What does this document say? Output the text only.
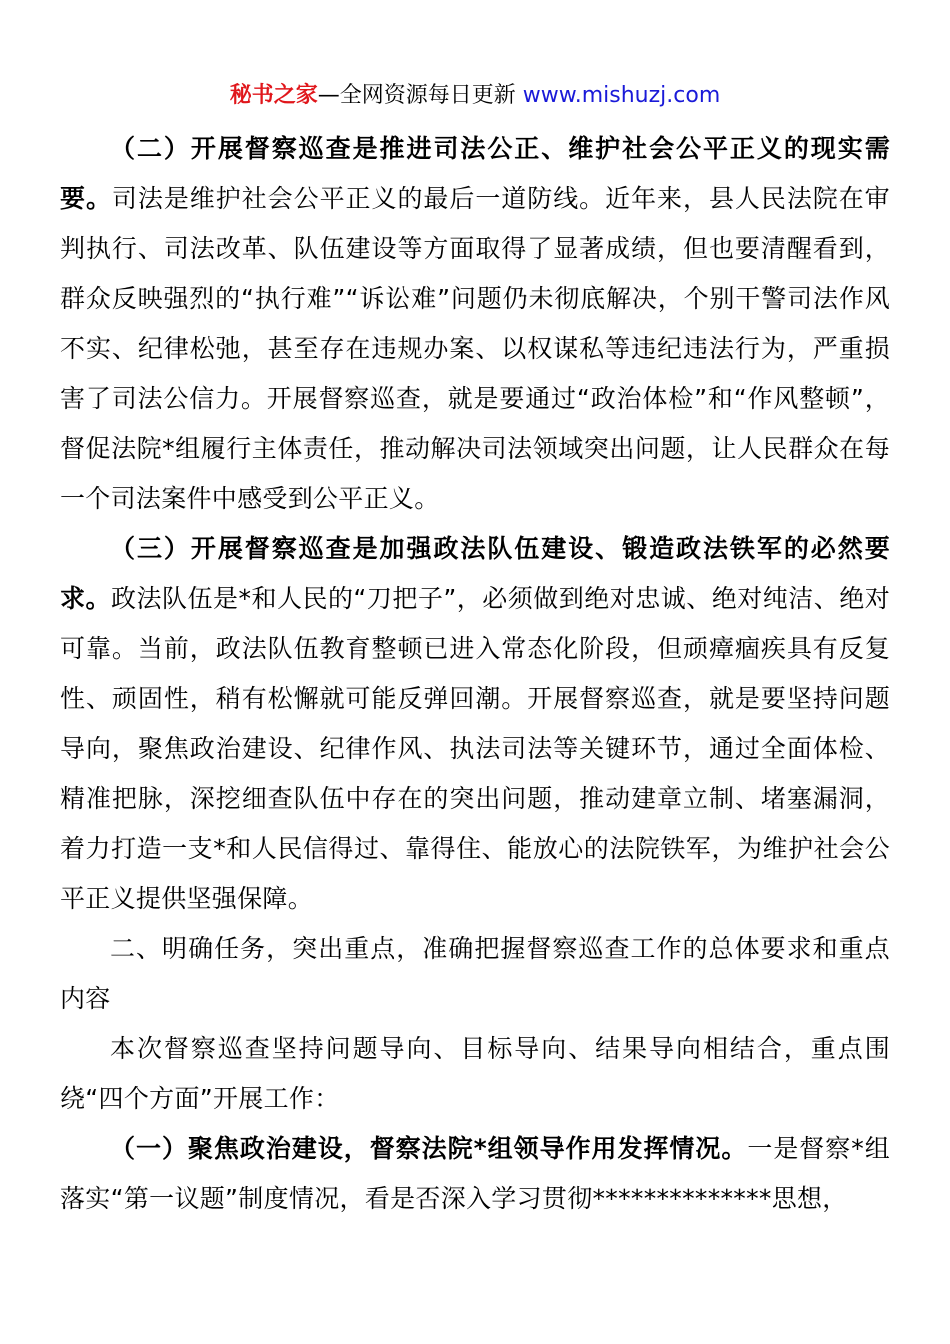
秘书之家—全网资源每日更新 www.mishuzj.com

（二）开展督察巡查是推进司法公正、维护社会公平正义的现实需要。司法是维护社会公平正义的最后一道防线。近年来，县人民法院在审判执行、司法改革、队伍建设等方面取得了显著成绩，但也要清醒看到，群众反映强烈的“执行难”“诉讼难”问题仍未彻底解决，个别干警司法作风不实、纪律松弛，甚至存在违规办案、以权谋私等违纪违法行为，严重损害了司法公信力。开展督察巡查，就是要通过“政治体检”和“作风整顿”，督促法院*组履行主体责任，推动解决司法领域突出问题，让人民群众在每一个司法案件中感受到公平正义。

（三）开展督察巡查是加强政法队伍建设、锻造政法铁军的必然要求。政法队伍是*和人民的“刀把子”，必须做到绝对忠诚、绝对纯洁、绝对可靠。当前，政法队伍教育整顿已进入常态化阶段，但顽瘴痼疾具有反复性、顽固性，稍有松懈就可能反弹回潮。开展督察巡查，就是要坚持问题导向，聚焦政治建设、纪律作风、执法司法等关键环节，通过全面体检、精准把脉，深挖细查队伍中存在的突出问题，推动建章立制、堵塞漏洞，着力打造一支*和人民信得过、靠得住、能放心的法院铁军，为维护社会公平正义提供坚强保障。

二、明确任务，突出重点，准确把握督察巡查工作的总体要求和重点内容

本次督察巡查坚持问题导向、目标导向、结果导向相结合，重点围绕“四个方面”开展工作：

（一）聚焦政治建设，督察法院*组领导作用发挥情况。一是督察*组落实“第一议题”制度情况，看是否深入学习贯彻**************思想，
